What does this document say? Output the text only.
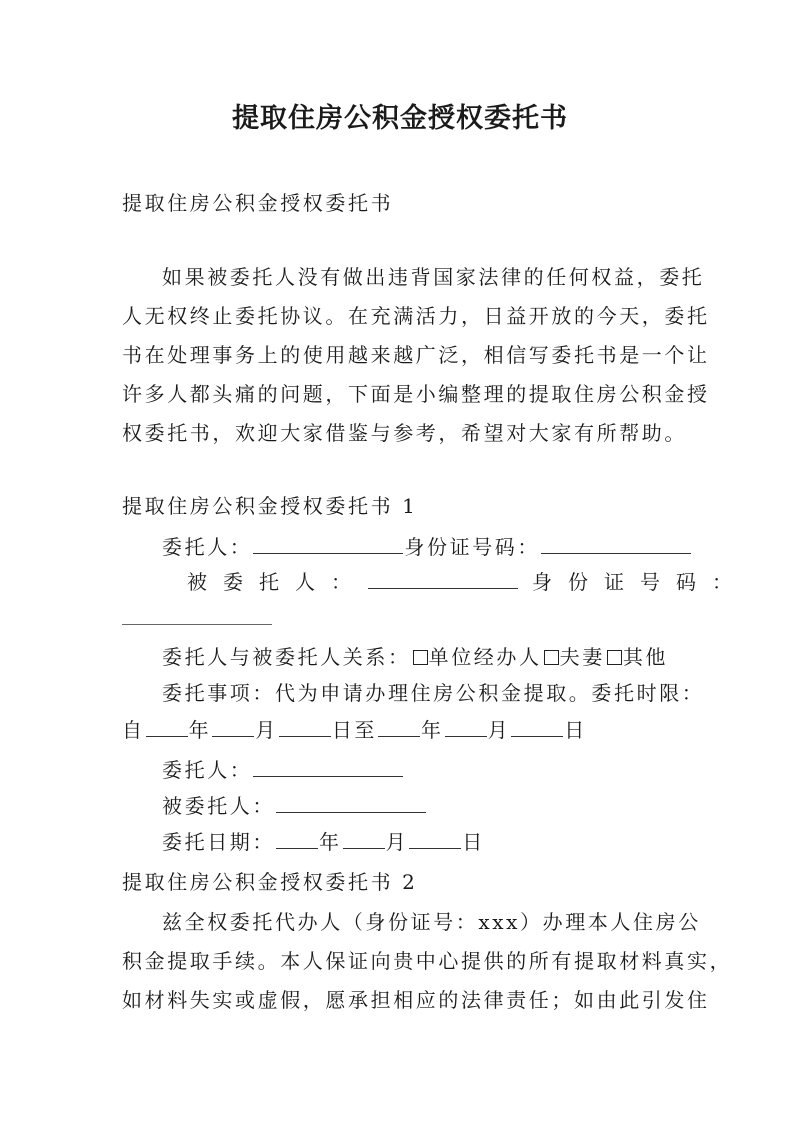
提取住房公积金授权委托书
提取住房公积金授权委托书
如果被委托人没有做出违背国家法律的任何权益，委托
人无权终止委托协议。在充满活力，日益开放的今天，委托
书在处理事务上的使用越来越广泛，相信写委托书是一个让
许多人都头痛的问题，下面是小编整理的提取住房公积金授
权委托书，欢迎大家借鉴与参考，希望对大家有所帮助。
提取住房公积金授权委托书 1
委托人：	身份证号码：
被委托人：	身份证号码：
委托人与被委托人关系： 单位经办人 夫妻 其他
委托事项：代为申请办理住房公积金提取。委托时限：
自 年 月	日至 年 月	日
委托人：
被委托人：
委托日期： 年 月	日
提取住房公积金授权委托书 2
兹全权委托代办人（身份证号：xxx）办理本人住房公
积金提取手续。本人保证向贵中心提供的所有提取材料真实，
如材料失实或虚假，愿承担相应的法律责任；如由此引发住
